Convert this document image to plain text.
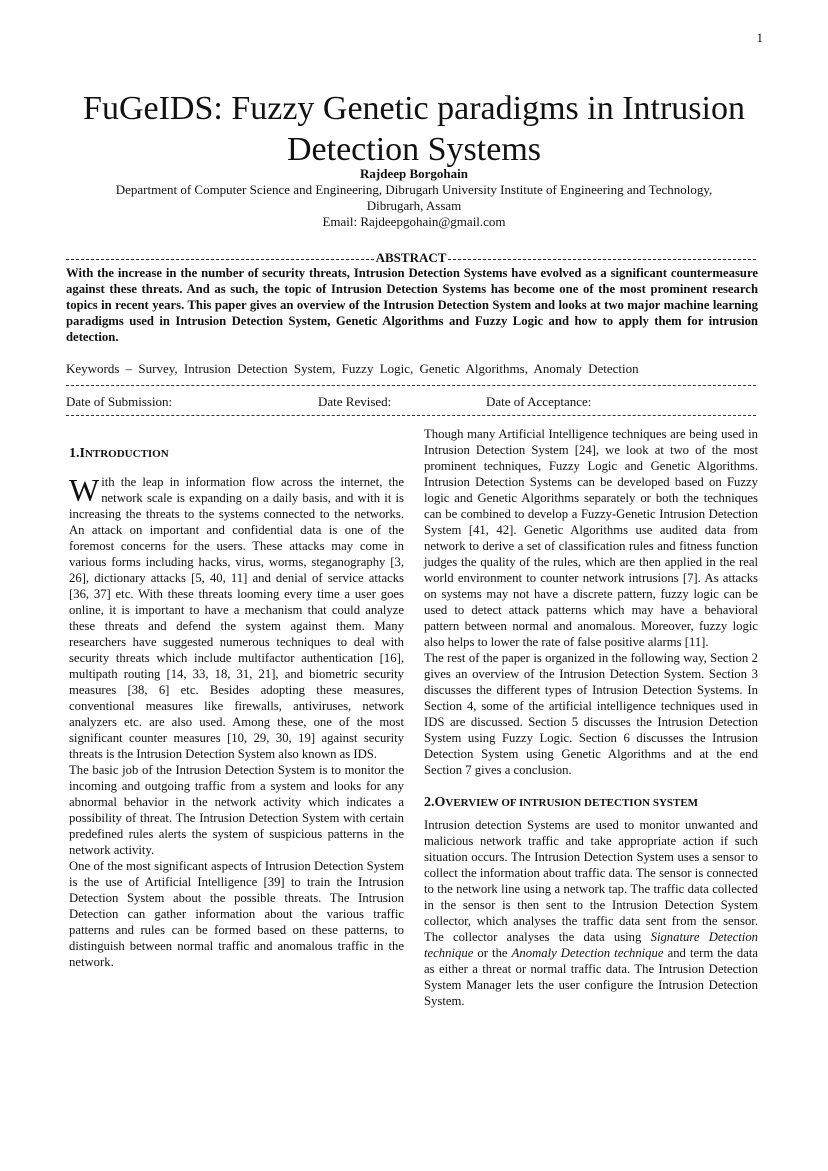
1
FuGeIDS: Fuzzy Genetic paradigms in Intrusion Detection Systems
Rajdeep Borgohain
Department of Computer Science and Engineering, Dibrugarh University Institute of Engineering and Technology,
Dibrugarh, Assam
Email: Rajdeepgohain@gmail.com
ABSTRACT
With the increase in the number of security threats, Intrusion Detection Systems have evolved as a significant countermeasure against these threats. And as such, the topic of Intrusion Detection Systems has become one of the most prominent research topics in recent years. This paper gives an overview of the Intrusion Detection System and looks at two major machine learning paradigms used in Intrusion Detection System, Genetic Algorithms and Fuzzy Logic and how to apply them for intrusion detection.
Keywords – Survey, Intrusion Detection System, Fuzzy Logic, Genetic Algorithms, Anomaly Detection
Date of Submission:	Date Revised:	Date of Acceptance:
1.INTRODUCTION

With the leap in information flow across the internet, the network scale is expanding on a daily basis, and with it is increasing the threats to the systems connected to the networks. An attack on important and confidential data is one of the foremost concerns for the users. These attacks may come in various forms including hacks, virus, worms, steganography [3, 26], dictionary attacks [5, 40, 11] and denial of service attacks [36, 37] etc. With these threats looming every time a user goes online, it is important to have a mechanism that could analyze these threats and defend the system against them. Many researchers have suggested numerous techniques to deal with security threats which include multifactor authentication [16], multipath routing [14, 33, 18, 31, 21], and biometric security measures [38, 6] etc. Besides adopting these measures, conventional measures like firewalls, antiviruses, network analyzers etc. are also used. Among these, one of the most significant counter measures [10, 29, 30, 19] against security threats is the Intrusion Detection System also known as IDS.

The basic job of the Intrusion Detection System is to monitor the incoming and outgoing traffic from a system and looks for any abnormal behavior in the network activity which indicates a possibility of threat. The Intrusion Detection System with certain predefined rules alerts the system of suspicious patterns in the network activity.

One of the most significant aspects of Intrusion Detection System is the use of Artificial Intelligence [39] to train the Intrusion Detection System about the possible threats. The Intrusion Detection can gather information about the various traffic patterns and rules can be formed based on these patterns, to distinguish between normal traffic and anomalous traffic in the network.

Though many Artificial Intelligence techniques are being used in Intrusion Detection System [24], we look at two of the most prominent techniques, Fuzzy Logic and Genetic Algorithms. Intrusion Detection Systems can be developed based on Fuzzy logic and Genetic Algorithms separately or both the techniques can be combined to develop a Fuzzy-Genetic Intrusion Detection System [41, 42]. Genetic Algorithms use audited data from network to derive a set of classification rules and fitness function judges the quality of the rules, which are then applied in the real world environment to counter network intrusions [7]. As attacks on systems may not have a discrete pattern, fuzzy logic can be used to detect attack patterns which may have a behavioral pattern between normal and anomalous. Moreover, fuzzy logic also helps to lower the rate of false positive alarms [11].

The rest of the paper is organized in the following way, Section 2 gives an overview of the Intrusion Detection System. Section 3 discusses the different types of Intrusion Detection Systems. In Section 4, some of the artificial intelligence techniques used in IDS are discussed. Section 5 discusses the Intrusion Detection System using Fuzzy Logic. Section 6 discusses the Intrusion Detection System using Genetic Algorithms and at the end Section 7 gives a conclusion.

2.OVERVIEW OF INTRUSION DETECTION SYSTEM

Intrusion detection Systems are used to monitor unwanted and malicious network traffic and take appropriate action if such situation occurs. The Intrusion Detection System uses a sensor to collect the information about traffic data. The sensor is connected to the network line using a network tap. The traffic data collected in the sensor is then sent to the Intrusion Detection System collector, which analyses the traffic data sent from the sensor. The collector analyses the data using Signature Detection technique or the Anomaly Detection technique and term the data as either a threat or normal traffic data. The Intrusion Detection System Manager lets the user configure the Intrusion Detection System.
